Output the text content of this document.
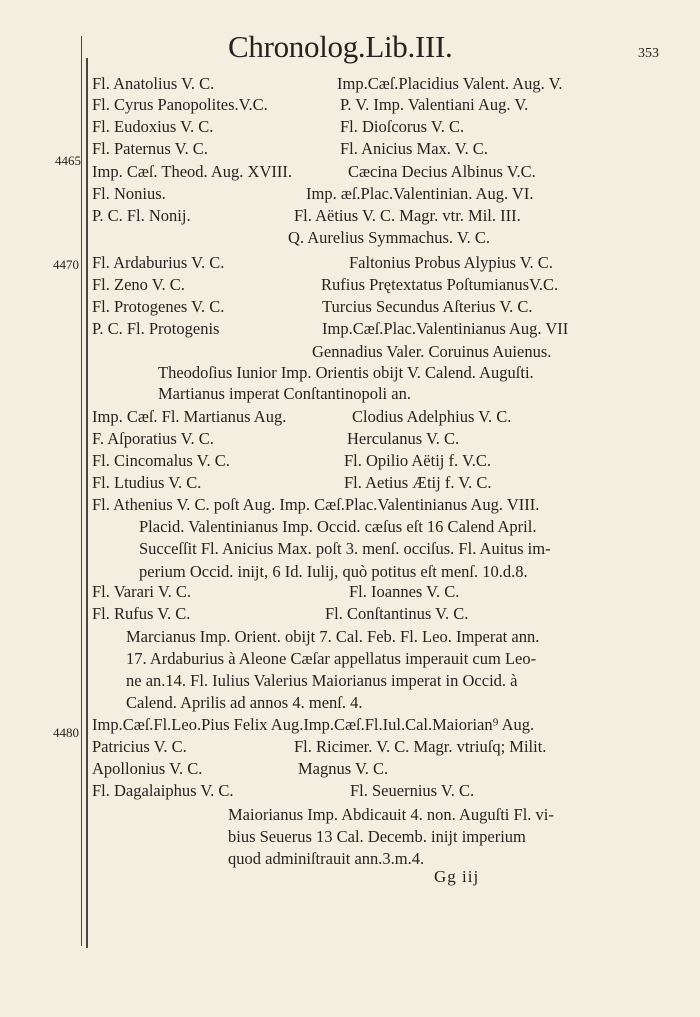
Chronolog.Lib.III.	353
4465
4470
4480
Fl. Anatolius V. C.
Fl. Cyrus Panopolites.V.C.
Fl. Eudoxius V. C.
Fl. Paternus V. C.
Imp. Cæſ. Theod. Aug. XVIII.
Fl. Nonius.
P. C. Fl. Nonij.
Imp.Cæſ.Placidius Valent. Aug. V.
P. V. Imp. Valentiani Aug. V.
Fl. Dioſcorus V. C.
Fl. Anicius Max. V. C.
Cæcina Decius Albinus V.C.
Imp. æſ.Plac.Valentinian. Aug. VI.
Fl. Aëtius V. C. Magr. vtr. Mil. III.
Q. Aurelius Symmachus. V. C.
Fl. Ardaburius V. C.
Fl. Zeno V. C.
Fl. Protogenes V. C.
P. C. Fl. Protogenis
Faltonius Probus Alypius V. C.
Rufius Prętextatus PoſtumianusV.C.
Turcius Secundus Aſterius V. C.
Imp.Cæſ.Plac.Valentinianus Aug. VII
Gennadius Valer. Coruinus Auienus.
Theodoſius Iunior Imp. Orientis obijt V. Calend. Auguſti.
Martianus imperat Conſtantinopoli an.
Imp. Cæſ. Fl. Martianus Aug.
F. Aſporatius V. C.
Fl. Cincomalus V. C.
Fl. Ltudius V. C.
Clodius Adelphius V. C.
Herculanus V. C.
Fl. Opilio Aëtij f. V.C.
Fl. Aetius Ætij f. V. C.
Fl. Athenius V. C. poſt Aug. Imp. Cæſ.Plac.Valentinianus Aug. VIII.
Placid. Valentinianus Imp. Occid. cæſus eſt 16 Calend April.
Succeſſit Fl. Anicius Max. poſt 3. menſ. occiſus. Fl. Auitus im-
perium Occid. inijt, 6 Id. Iulij, quò potitus eſt menſ. 10.d.8.
Fl. Varari V. C.
Fl. Rufus V. C.
Fl. Ioannes V. C.
Fl. Conſtantinus V. C.
Marcianus Imp. Orient. obijt 7. Cal. Feb. Fl. Leo. Imperat ann.
17. Ardaburius à Aleone Cæſar appellatus imperauit cum Leo-
ne an.14. Fl. Iulius Valerius Maiorianus imperat in Occid. à
Calend. Aprilis ad annos 4. menſ. 4.
Imp.Cæſ.Fl.Leo.Pius Felix Aug.Imp.Cæſ.Fl.Iul.Cal.Maiorian⁹ Aug.
Patricius V. C.
Apollonius V. C.
Fl. Dagalaiphus V. C.
Fl. Ricimer. V. C. Magr. vtriuſq; Milit.
Magnus V. C.
Fl. Seuernius V. C.
Maiorianus Imp. Abdicauit 4. non. Auguſti Fl. vi-
bius Seuerus 13 Cal. Decemb. inijt imperium
quod adminiſtrauit ann.3.m.4.
Gg iij
